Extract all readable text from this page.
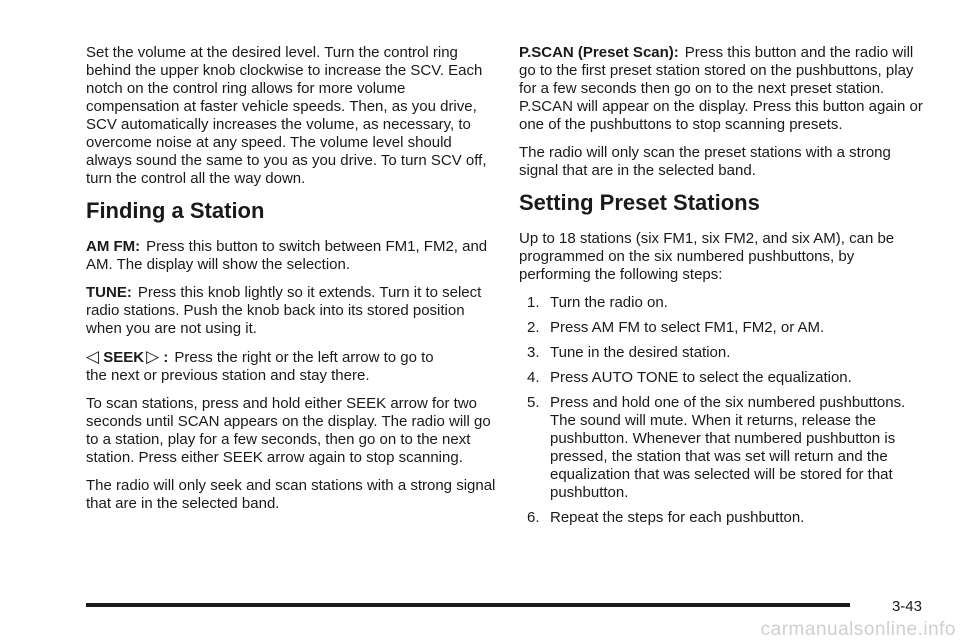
Set the volume at the desired level. Turn the control ring behind the upper knob clockwise to increase the SCV. Each notch on the control ring allows for more volume compensation at faster vehicle speeds. Then, as you drive, SCV automatically increases the volume, as necessary, to overcome noise at any speed. The volume level should always sound the same to you as you drive. To turn SCV off, turn the control all the way down.

Finding a Station

AM FM: Press this button to switch between FM1, FM2, and AM. The display will show the selection.

TUNE: Press this knob lightly so it extends. Turn it to select radio stations. Push the knob back into its stored position when you are not using it.

◁ SEEK ▷ : Press the right or the left arrow to go to

the next or previous station and stay there.

To scan stations, press and hold either SEEK arrow for two seconds until SCAN appears on the display. The radio will go to a station, play for a few seconds, then go on to the next station. Press either SEEK arrow again to stop scanning.

The radio will only seek and scan stations with a strong signal that are in the selected band.

P.SCAN (Preset Scan): Press this button and the radio will go to the first preset station stored on the pushbuttons, play for a few seconds then go on to the next preset station. P.SCAN will appear on the display. Press this button again or one of the pushbuttons to stop scanning presets.

The radio will only scan the preset stations with a strong signal that are in the selected band.

Setting Preset Stations

Up to 18 stations (six FM1, six FM2, and six AM), can be programmed on the six numbered pushbuttons, by performing the following steps:

1. Turn the radio on.
2. Press AM FM to select FM1, FM2, or AM.
3. Tune in the desired station.
4. Press AUTO TONE to select the equalization.
5. Press and hold one of the six numbered pushbuttons. The sound will mute. When it returns, release the pushbutton. Whenever that numbered pushbutton is pressed, the station that was set will return and the equalization that was selected will be stored for that pushbutton.
6. Repeat the steps for each pushbutton.
3-43
carmanualsonline.info
